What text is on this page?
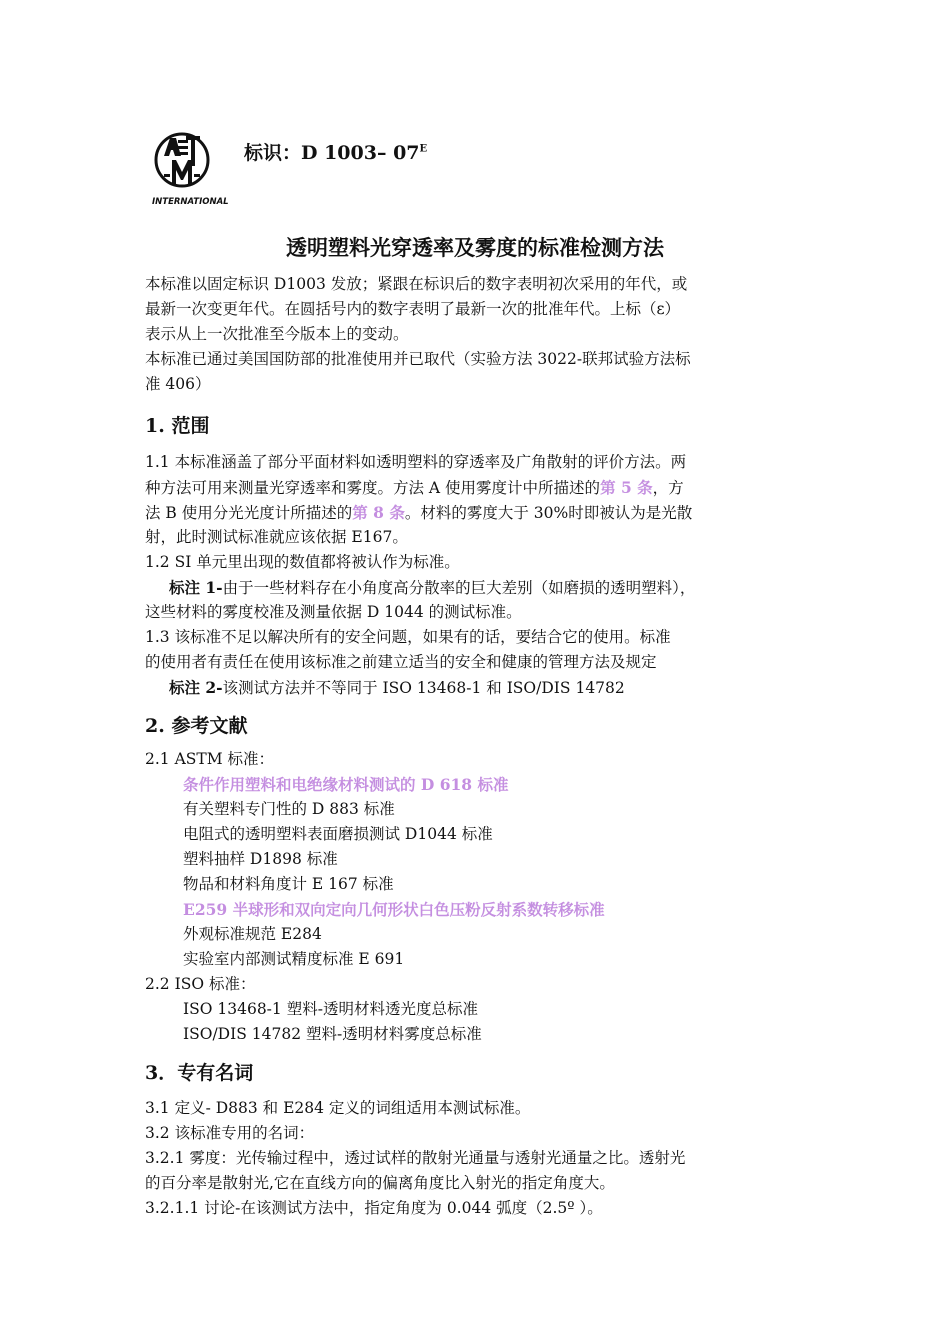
INTERNATIONAL
标识：D 1003– $07^E$
透明塑料光穿透率及雾度的标准检测方法
本标准以固定标识 D1003 发放；紧跟在标识后的数字表明初次采用的年代，或
最新一次变更年代。在圆括号内的数字表明了最新一次的批准年代。上标（ε）
表示从上一次批准至今版本上的变动。
本标准已通过美国国防部的批准使用并已取代（实验方法 3022-联邦试验方法标
准 406）
1. 范围
1.1 本标准涵盖了部分平面材料如透明塑料的穿透率及广角散射的评价方法。两
种方法可用来测量光穿透率和雾度。方法 A 使用雾度计中所描述的第 5 条，方
法 B 使用分光光度计所描述的第 8 条。材料的雾度大于 30%时即被认为是光散
射，此时测试标准就应该依据 E167。
1.2 SI 单元里出现的数值都将被认作为标准。
标注 1-由于一些材料存在小角度高分散率的巨大差别（如磨损的透明塑料），
这些材料的雾度校准及测量依据 D 1044 的测试标准。
1.3 该标准不足以解决所有的安全问题，如果有的话，要结合它的使用。标准
的使用者有责任在使用该标准之前建立适当的安全和健康的管理方法及规定
标注 2-该测试方法并不等同于 ISO 13468-1 和 ISO/DIS 14782
2. 参考文献
2.1 ASTM 标准：
条件作用塑料和电绝缘材料测试的 D 618 标准
有关塑料专门性的 D 883 标准
电阻式的透明塑料表面磨损测试 D1044 标准
塑料抽样 D1898 标准
物品和材料角度计 E 167 标准
E259 半球形和双向定向几何形状白色压粉反射系数转移标准
外观标准规范 E284
实验室内部测试精度标准 E 691
2.2 ISO 标准：
ISO 13468-1 塑料-透明材料透光度总标准
ISO/DIS 14782 塑料-透明材料雾度总标准
3．专有名词
3.1 定义- D883 和 E284 定义的词组适用本测试标准。
3.2 该标准专用的名词：
3.2.1 雾度：光传输过程中，透过试样的散射光通量与透射光通量之比。透射光
的百分率是散射光,它在直线方向的偏离角度比入射光的指定角度大。
3.2.1.1 讨论-在该测试方法中，指定角度为 0.044 弧度（2.5º ）。
